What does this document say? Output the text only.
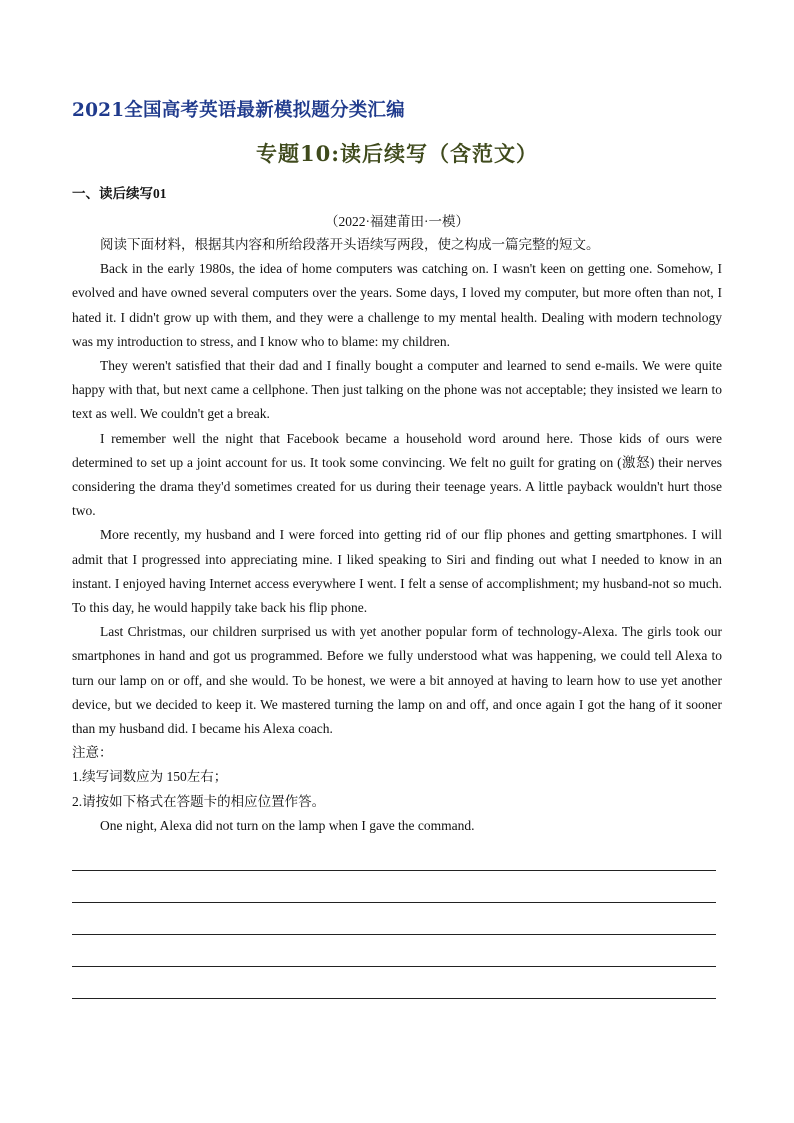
2021全国高考英语最新模拟题分类汇编
专题10:读后续写（含范文）
一、读后续写01
（2022·福建莆田·一模）

阅读下面材料，根据其内容和所给段落开头语续写两段，使之构成一篇完整的短文。

Back in the early 1980s, the idea of home computers was catching on. I wasn't keen on getting one. Somehow, I evolved and have owned several computers over the years. Some days, I loved my computer, but more often than not, I hated it. I didn't grow up with them, and they were a challenge to my mental health. Dealing with modern technology was my introduction to stress, and I know who to blame: my children.

They weren't satisfied that their dad and I finally bought a computer and learned to send e-mails. We were quite happy with that, but next came a cellphone. Then just talking on the phone was not acceptable; they insisted we learn to text as well. We couldn't get a break.

I remember well the night that Facebook became a household word around here. Those kids of ours were determined to set up a joint account for us. It took some convincing. We felt no guilt for grating on (激怒) their nerves considering the drama they'd sometimes created for us during their teenage years. A little payback wouldn't hurt those two.

More recently, my husband and I were forced into getting rid of our flip phones and getting smartphones. I will admit that I progressed into appreciating mine. I liked speaking to Siri and finding out what I needed to know in an instant. I enjoyed having Internet access everywhere I went. I felt a sense of accomplishment; my husband-not so much. To this day, he would happily take back his flip phone.

Last Christmas, our children surprised us with yet another popular form of technology-Alexa. The girls took our smartphones in hand and got us programmed. Before we fully understood what was happening, we could tell Alexa to turn our lamp on or off, and she would. To be honest, we were a bit annoyed at having to learn how to use yet another device, but we decided to keep it. We mastered turning the lamp on and off, and once again I got the hang of it sooner than my husband did. I became his Alexa coach.

注意：

1.续写词数应为 150左右；

2.请按如下格式在答题卡的相应位置作答。

One night, Alexa did not turn on the lamp when I gave the command.
